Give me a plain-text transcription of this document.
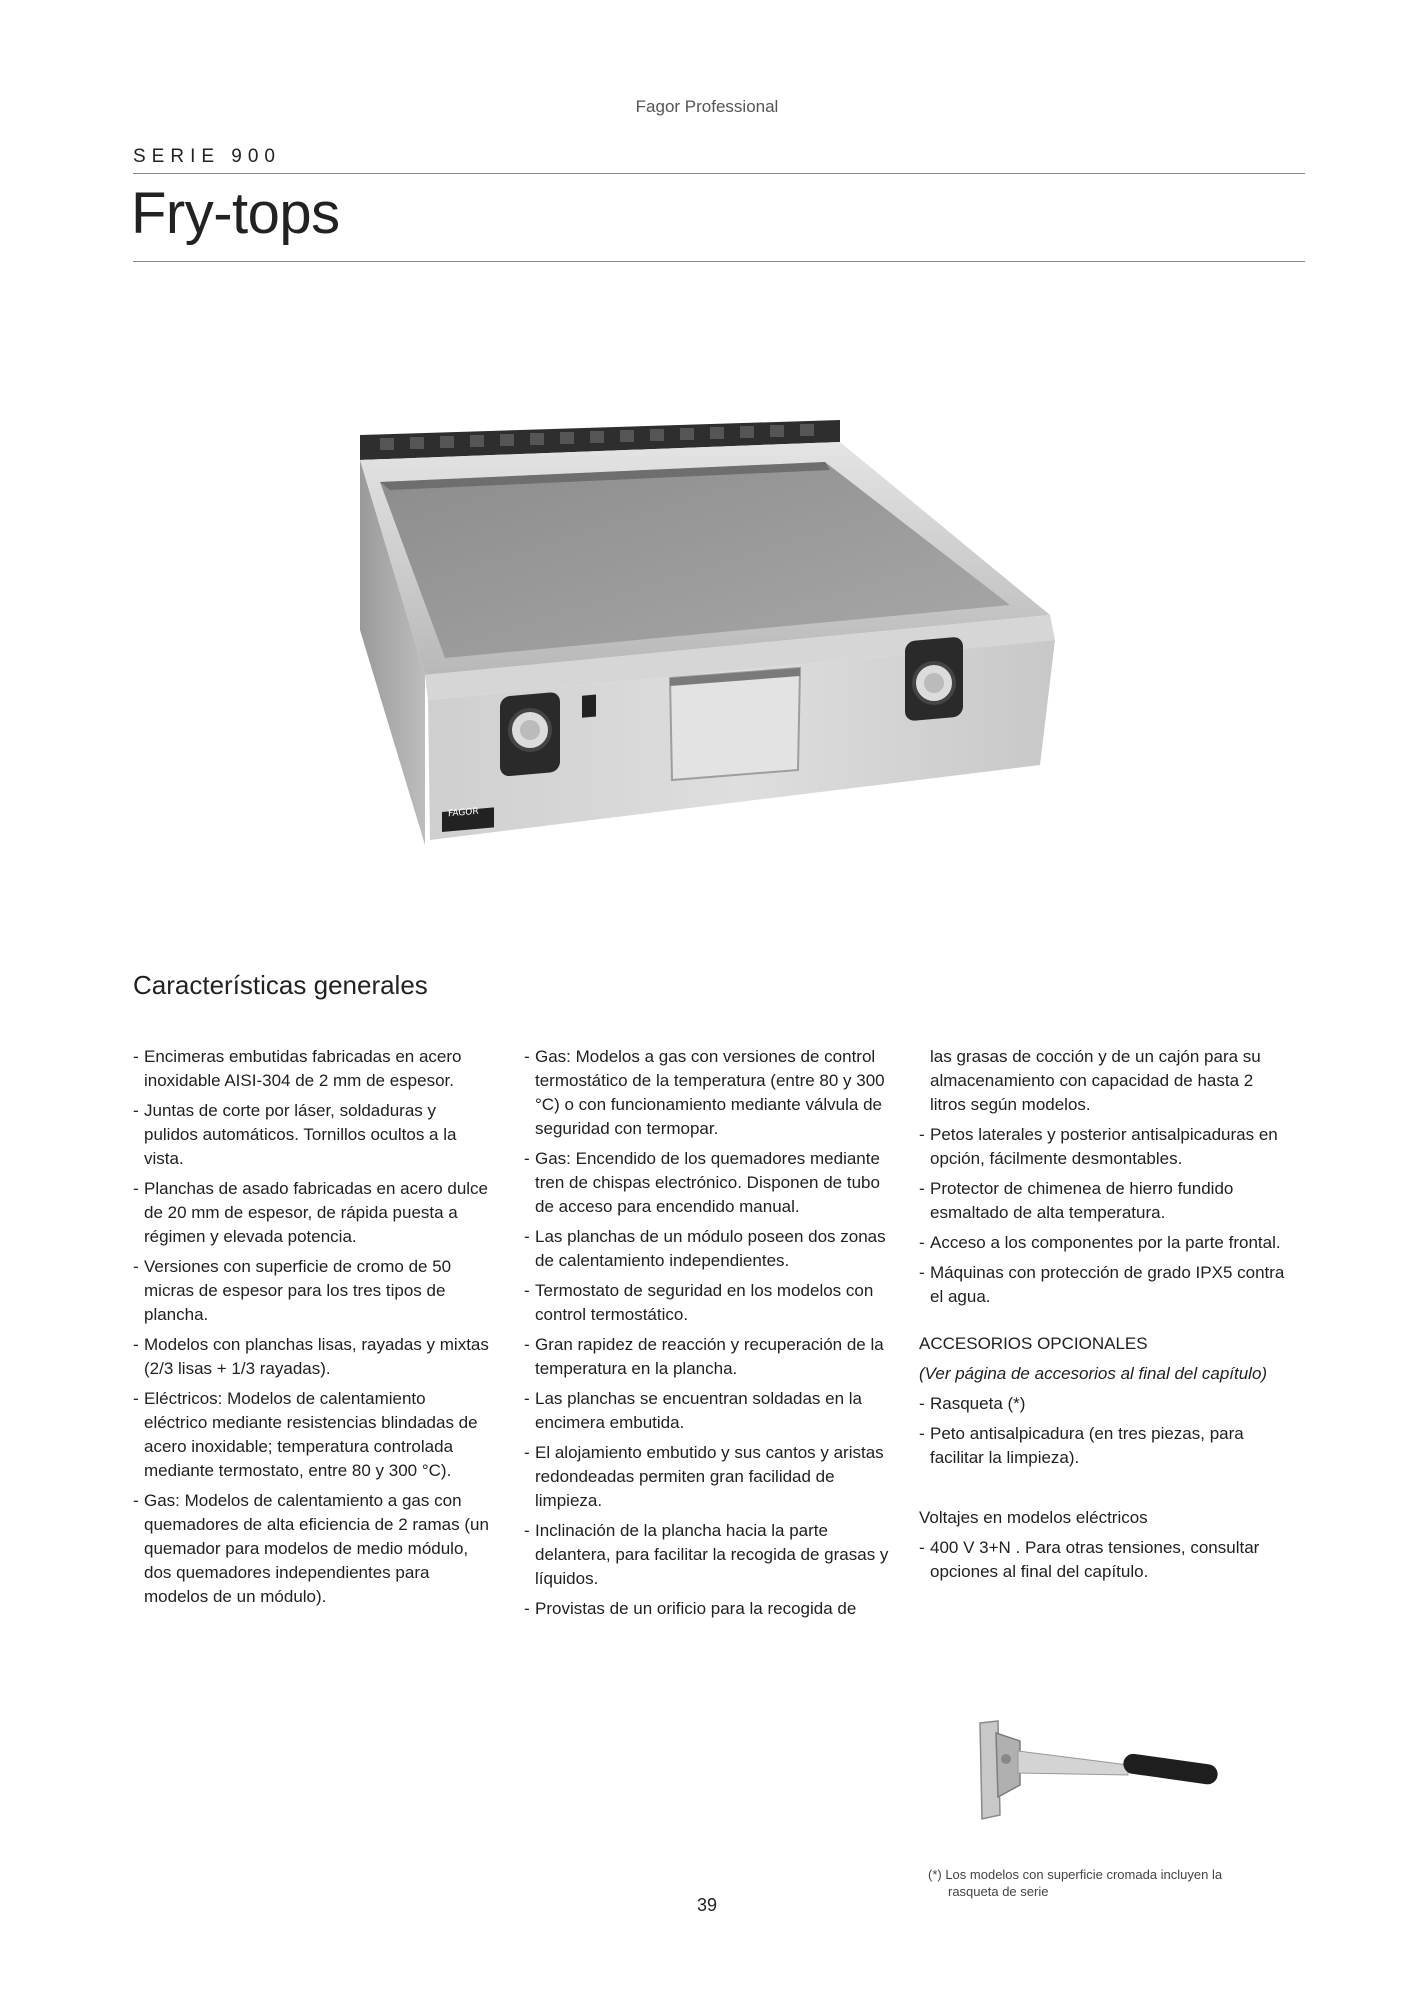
Fagor Professional
SERIE 900
Fry-tops
FAGOR
Características generales
- Encimeras embutidas fabricadas en acero inoxidable AISI-304 de 2 mm de espesor.
- Juntas de corte por láser, soldaduras y pulidos automáticos. Tornillos ocultos a la vista.
- Planchas de asado fabricadas en acero dulce de 20 mm de espesor, de rápida puesta a régimen y elevada potencia.
- Versiones con superficie de cromo de 50 micras de espesor para los tres tipos de plancha.
- Modelos con planchas lisas, rayadas y mixtas (2/3 lisas + 1/3 rayadas).
- Eléctricos: Modelos de calentamiento eléctrico mediante resistencias blindadas de acero inoxidable; temperatura controlada mediante termostato, entre 80 y 300 °C).
- Gas: Modelos de calentamiento a gas con quemadores de alta eficiencia de 2 ramas (un quemador para modelos de medio módulo, dos quemadores independientes para modelos de un módulo).
- Gas: Modelos a gas con versiones de control termostático de la temperatura (entre 80 y 300 °C) o con funcionamiento mediante válvula de seguridad con termopar.
- Gas: Encendido de los quemadores mediante tren de chispas electrónico. Disponen de tubo de acceso para encendido manual.
- Las planchas de un módulo poseen dos zonas de calentamiento independientes.
- Termostato de seguridad en los modelos con control termostático.
- Gran rapidez de reacción y recuperación de la temperatura en la plancha.
- Las planchas se encuentran soldadas en la encimera embutida.
- El alojamiento embutido y sus cantos y aristas redondeadas permiten gran facilidad de limpieza.
- Inclinación de la plancha hacia la parte delantera, para facilitar la recogida de grasas y líquidos.
- Provistas de un orificio para la recogida de
las grasas de cocción y de un cajón para su almacenamiento con capacidad de hasta 2 litros según modelos.
- Petos laterales y posterior antisalpicaduras en opción, fácilmente desmontables.
- Protector de chimenea de hierro fundido esmaltado de alta temperatura.
- Acceso a los componentes por la parte frontal.
- Máquinas con protección de grado IPX5 contra el agua.
ACCESORIOS OPCIONALES
(Ver página de accesorios al final del capítulo)
- Rasqueta (*)
- Peto antisalpicadura (en tres piezas, para facilitar la limpieza).
Voltajes en modelos eléctricos
- 400 V 3+N . Para otras tensiones, consultar opciones al final del capítulo.
(*) Los modelos con superficie cromada incluyen la
rasqueta de serie
39
